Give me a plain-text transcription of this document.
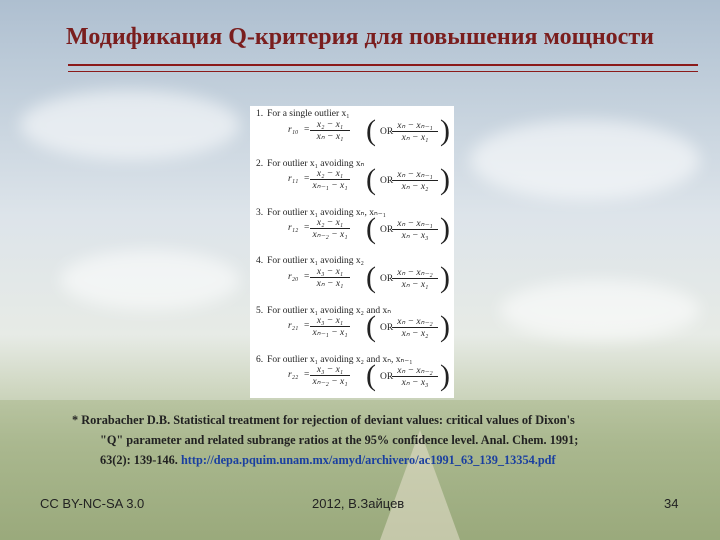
Модификация Q-критерия для повышения мощности
1. For a single outlier x₁
$r_{10} = \frac{\text{x₂ − x₁}}{\text{xₙ − x₁}}$ ( OR )
$\frac{\text{xₙ − xₙ₋₁}}{\text{xₙ − x₁}}$
2. For outlier x₁ avoiding xₙ
$r_{11} = \frac{\text{x₂ − x₁}}{\text{xₙ₋₁ − x₁}}$ ( OR )
$\frac{\text{xₙ − xₙ₋₁}}{\text{xₙ − x₂}}$
3. For outlier x₁ avoiding xₙ, xₙ₋₁
$r_{12} = \frac{\text{x₂ − x₁}}{\text{xₙ₋₂ − x₁}}$ ( OR )
$\frac{\text{xₙ − xₙ₋₁}}{\text{xₙ − x₃}}$
4. For outlier x₁ avoiding x₂
$r_{20} = \frac{\text{x₃ − x₁}}{\text{xₙ − x₁}}$ ( OR )
$\frac{\text{xₙ − xₙ₋₂}}{\text{xₙ − x₁}}$
5. For outlier x₁ avoiding x₂ and xₙ
$r_{21} = \frac{\text{x₃ − x₁}}{\text{xₙ₋₁ − x₁}}$ ( OR )
$\frac{\text{xₙ − xₙ₋₂}}{\text{xₙ − x₂}}$
6. For outlier x₁ avoiding x₂ and xₙ, xₙ₋₁
$r_{22} = \frac{\text{x₃ − x₁}}{\text{xₙ₋₂ − x₁}}$ ( OR )
$\frac{\text{xₙ − xₙ₋₂}}{\text{xₙ − x₃}}$
* Rorabacher D.B. Statistical treatment for rejection of deviant values: critical values of Dixon's
"Q" parameter and related subrange ratios at the 95% confidence level. Anal. Chem. 1991;
63(2): 139-146. http://depa.pquim.unam.mx/amyd/archivero/ac1991_63_139_13354.pdf
CC BY-NC-SA 3.0	2012, В.Зайцев	34
